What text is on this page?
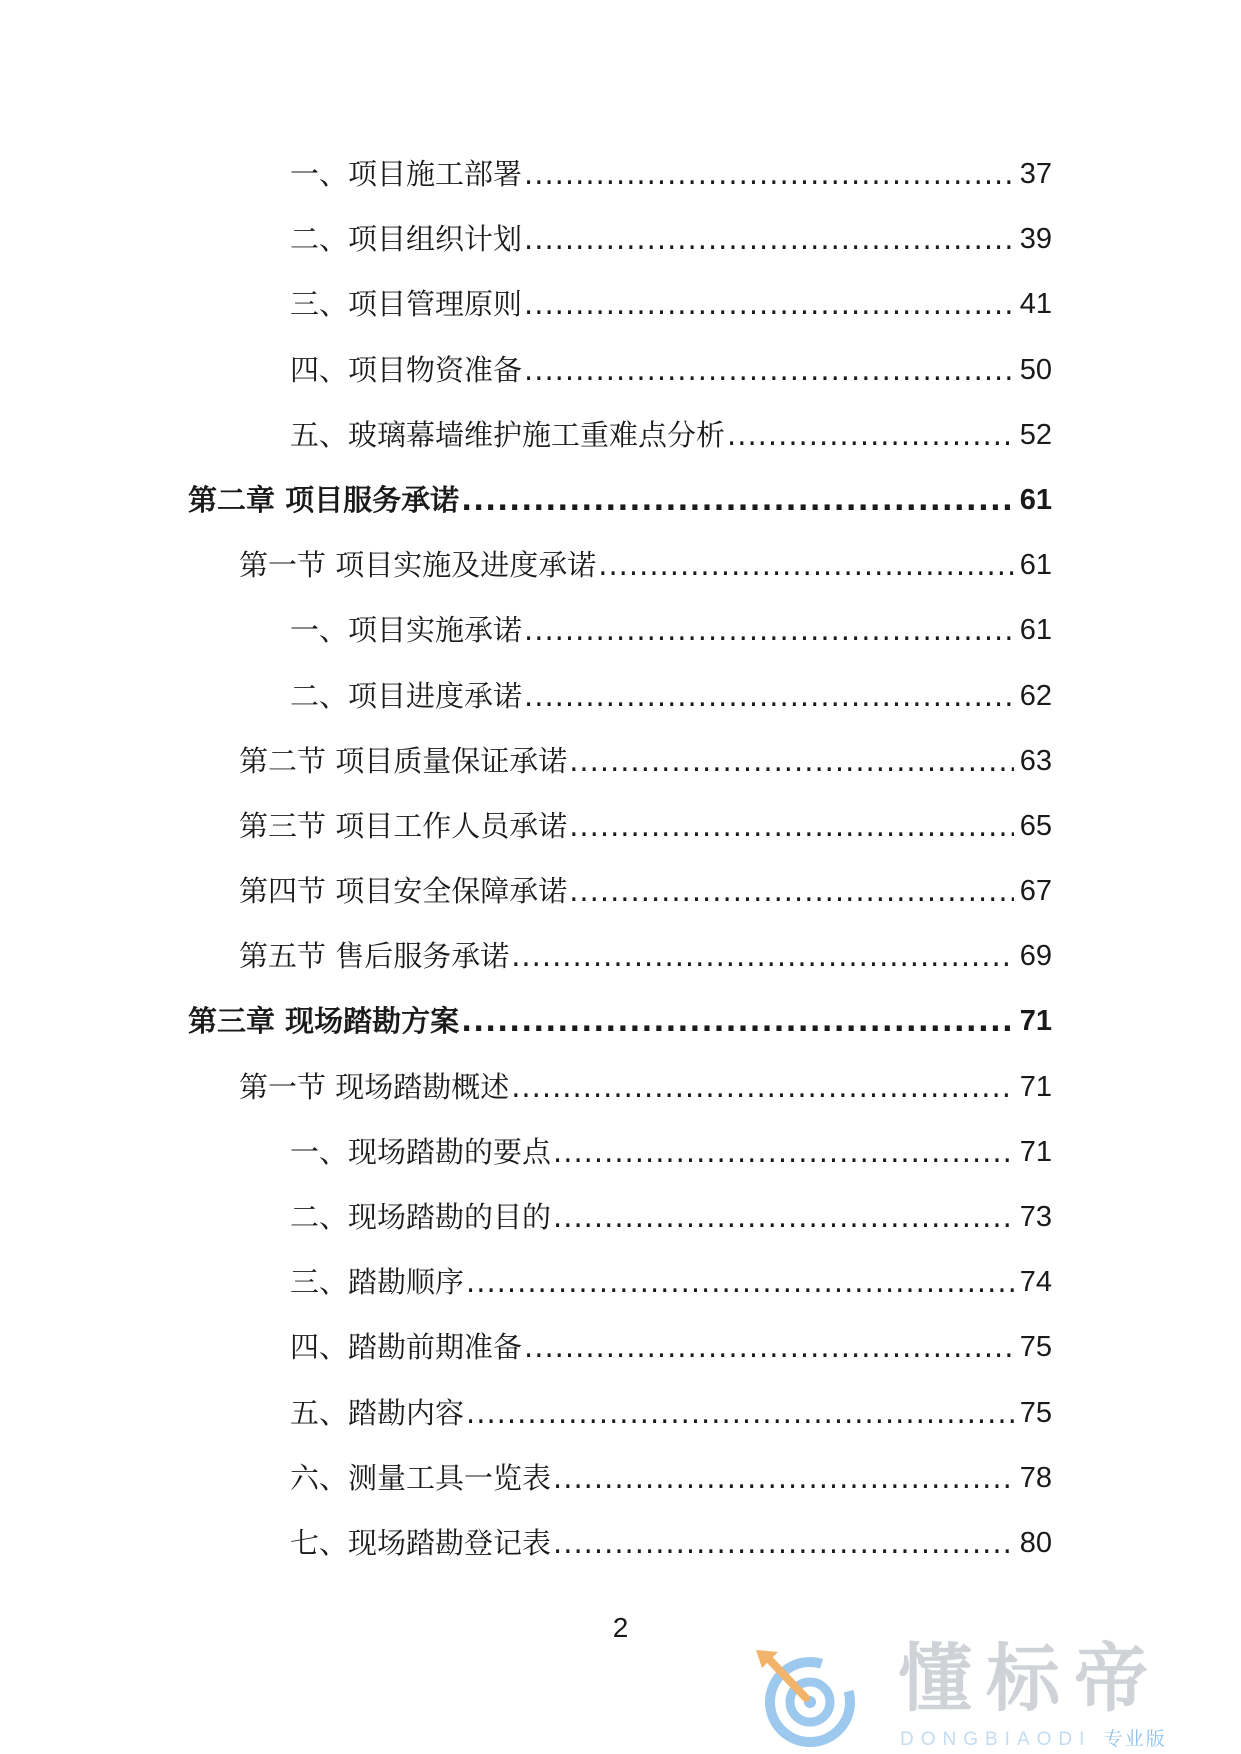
一、项目施工部署 .....	37
二、项目组织计划 .....	39
三、项目管理原则 .....	41
四、项目物资准备 .....	50
五、玻璃幕墙维护施工重难点分析 .....	52
第二章 项目服务承诺 .....	61
第一节 项目实施及进度承诺 .....	61
一、项目实施承诺 .....	61
二、项目进度承诺 .....	62
第二节 项目质量保证承诺 .....	63
第三节 项目工作人员承诺 .....	65
第四节 项目安全保障承诺 .....	67
第五节 售后服务承诺 .....	69
第三章 现场踏勘方案 .....	71
第一节 现场踏勘概述 .....	71
一、现场踏勘的要点 .....	71
二、现场踏勘的目的 .....	73
三、踏勘顺序 .....	74
四、踏勘前期准备 .....	75
五、踏勘内容 .....	75
六、测量工具一览表 .....	78
七、现场踏勘登记表 .....	80
2
懂标帝
DONGBIAODI 专业版
